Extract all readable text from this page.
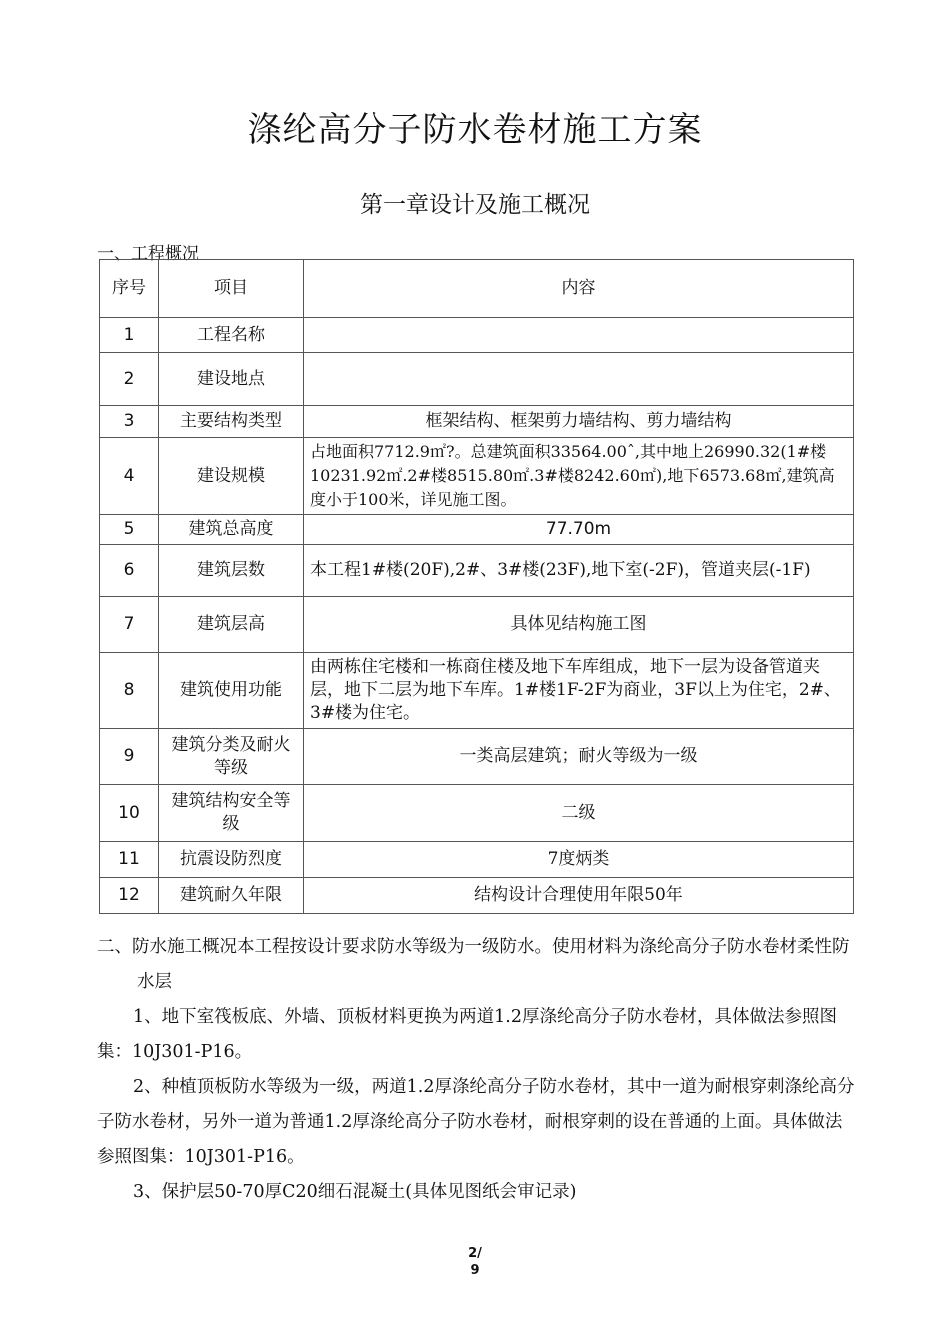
涤纶高分子防水卷材施工方案
第一章设计及施工概况
一、工程概况
序号	项目	内容
1	工程名称	
2	建设地点	
3	主要结构类型	框架结构、框架剪力墙结构、剪力墙结构
4	建设规模	占地面积7712.9㎡?。总建筑面积33564.00ˆ,其中地上26990.32(1#楼10231.92㎡.2#楼8515.80㎡.3#楼8242.60㎡),地下6573.68㎡,建筑高度小于100米，详见施工图。
5	建筑总高度	77.70m
6	建筑层数	本工程1#楼(20F),2#、3#楼(23F),地下室(-2F)，管道夹层(-1F)
7	建筑层高	具体见结构施工图
8	建筑使用功能	由两栋住宅楼和一栋商住楼及地下车库组成，地下一层为设备管道夹层，地下二层为地下车库。1#楼1F-2F为商业，3F以上为住宅，2#、3#楼为住宅。
9	建筑分类及耐火等级	一类高层建筑；耐火等级为一级
10	建筑结构安全等级	二级
11	抗震设防烈度	7度炳类
12	建筑耐久年限	结构设计合理使用年限50年
二、防水施工概况本工程按设计要求防水等级为一级防水。使用材料为涤纶高分子防水卷材柔性防水层
1、地下室筏板底、外墙、顶板材料更换为两道1.2厚涤纶高分子防水卷材，具体做法参照图集：10J301-P16。
2、种植顶板防水等级为一级，两道1.2厚涤纶高分子防水卷材，其中一道为耐根穿刺涤纶高分子防水卷材，另外一道为普通1.2厚涤纶高分子防水卷材，耐根穿刺的设在普通的上面。具体做法参照图集：10J301-P16。
3、保护层50-70厚C20细石混凝土(具体见图纸会审记录)
2/
9
